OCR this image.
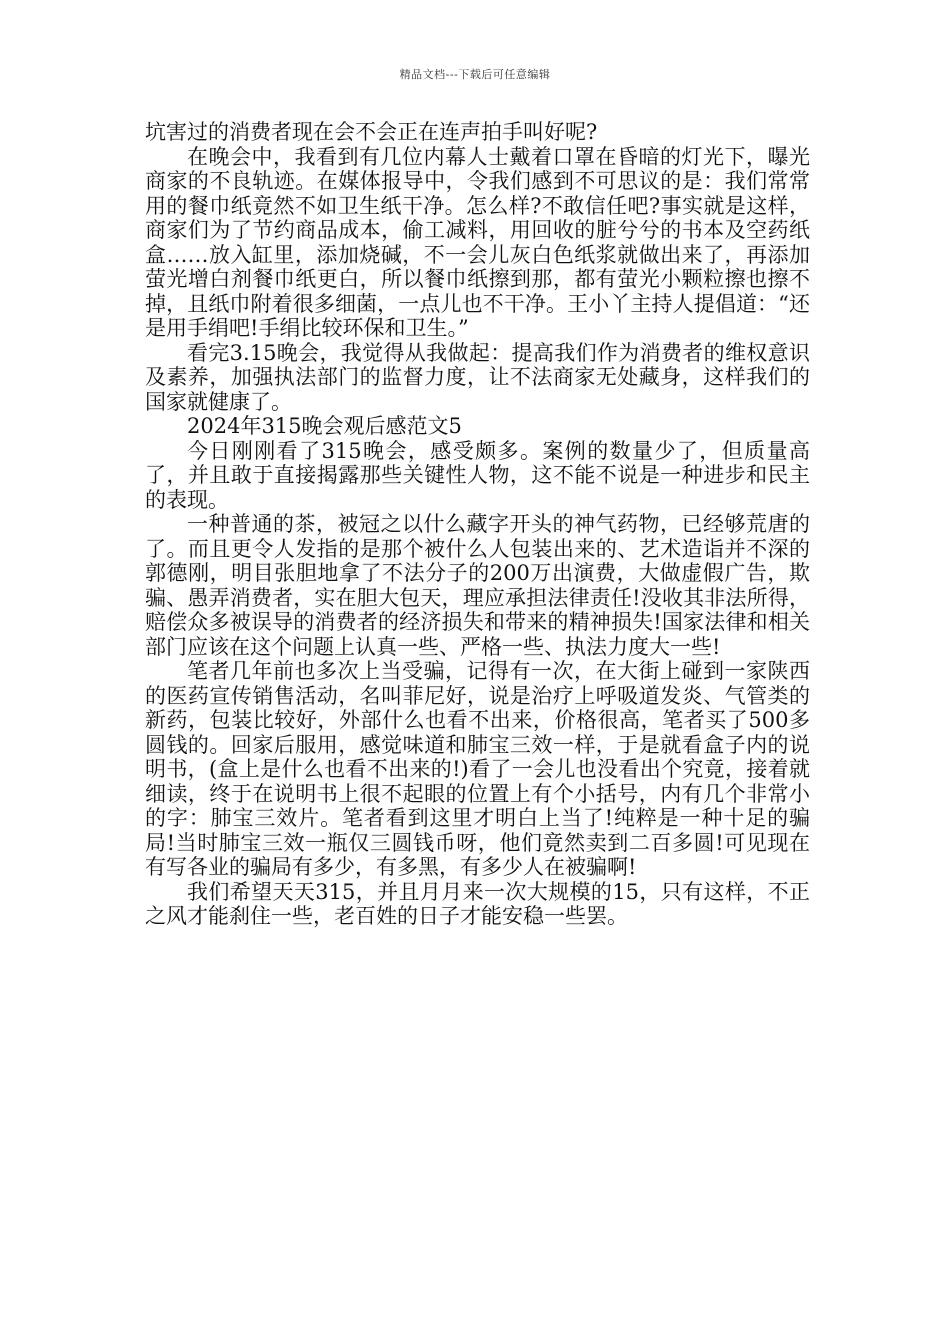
精品文档---下载后可任意编辑

坑害过的消费者现在会不会正在连声拍手叫好呢?

在晚会中，我看到有几位内幕人士戴着口罩在昏暗的灯光下，曝光商家的不良轨迹。在媒体报导中，令我们感到不可思议的是：我们常常用的餐巾纸竟然不如卫生纸干净。怎么样?不敢信任吧?事实就是这样，商家们为了节约商品成本，偷工减料，用回收的脏兮兮的书本及空药纸盒……放入缸里，添加烧碱，不一会儿灰白色纸浆就做出来了，再添加萤光增白剂餐巾纸更白，所以餐巾纸擦到那，都有萤光小颗粒擦也擦不掉，且纸巾附着很多细菌，一点儿也不干净。王小丫主持人提倡道：“还是用手绢吧!手绢比较环保和卫生。”

看完3.15晚会，我觉得从我做起：提高我们作为消费者的维权意识及素养，加强执法部门的监督力度，让不法商家无处藏身，这样我们的国家就健康了。

2024年315晚会观后感范文5

今日刚刚看了315晚会，感受颇多。案例的数量少了，但质量高了，并且敢于直接揭露那些关键性人物，这不能不说是一种进步和民主的表现。

一种普通的茶，被冠之以什么藏字开头的神气药物，已经够荒唐的了。而且更令人发指的是那个被什么人包装出来的、艺术造诣并不深的郭德刚，明目张胆地拿了不法分子的200万出演费，大做虚假广告，欺骗、愚弄消费者，实在胆大包天，理应承担法律责任!没收其非法所得，赔偿众多被误导的消费者的经济损失和带来的精神损失!国家法律和相关部门应该在这个问题上认真一些、严格一些、执法力度大一些!

笔者几年前也多次上当受骗，记得有一次，在大街上碰到一家陕西的医药宣传销售活动，名叫菲尼好，说是治疗上呼吸道发炎、气管类的新药，包装比较好，外部什么也看不出来，价格很高，笔者买了500多圆钱的。回家后服用，感觉味道和肺宝三效一样，于是就看盒子内的说明书，(盒上是什么也看不出来的!)看了一会儿也没看出个究竟，接着就细读，终于在说明书上很不起眼的位置上有个小括号，内有几个非常小的字：肺宝三效片。笔者看到这里才明白上当了!纯粹是一种十足的骗局!当时肺宝三效一瓶仅三圆钱币呀，他们竟然卖到二百多圆!可见现在有写各业的骗局有多少，有多黑，有多少人在被骗啊!

我们希望天天315，并且月月来一次大规模的15，只有这样，不正之风才能刹住一些，老百姓的日子才能安稳一些罢。
